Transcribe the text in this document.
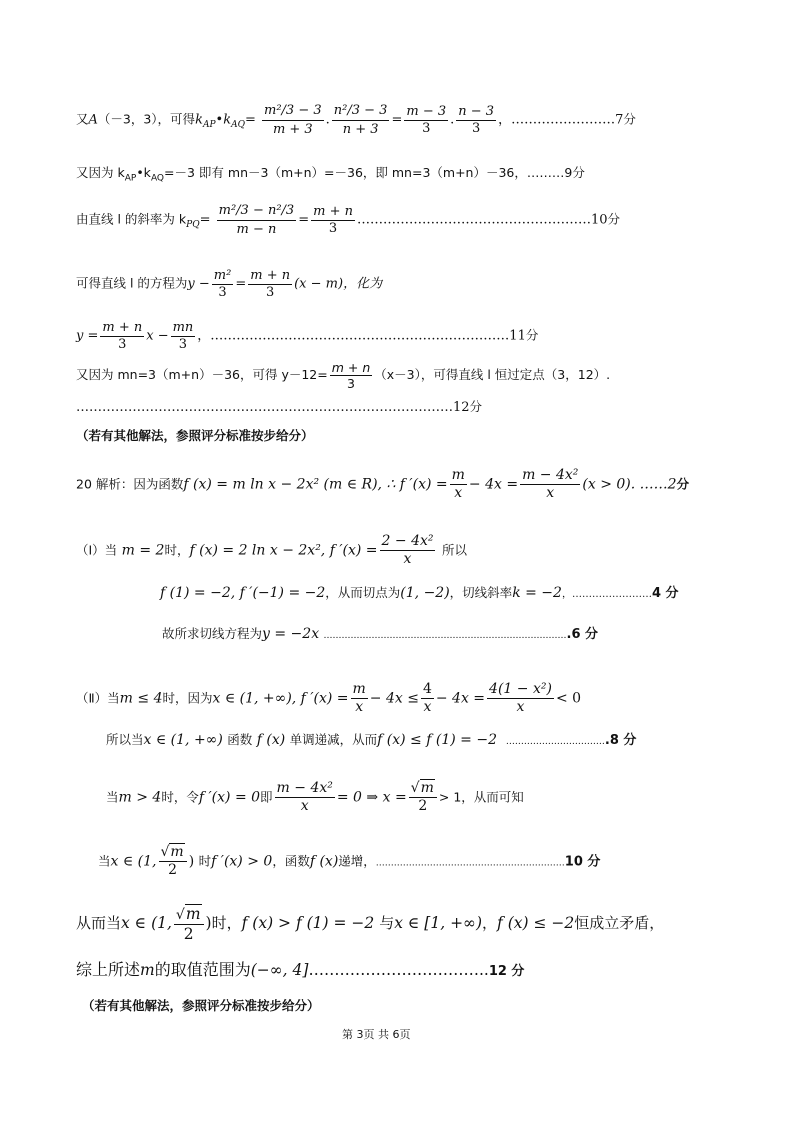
又A（－3，3），可得$k_{AP}•k_{AQ}= \frac{\text{m²/3 − 3}}{m + 3}$ . $\frac{\text{n²/3 − 3}}{n + 3} = \frac{m - 3}{3}$ . $\frac{n - 3}{3}$ ，……………………7分
又因为 $k_{AP}•k_{AQ}=-3$ 即有 mn－3（m+n）=－36，即 mn=3（m+n）－36，………9分
由直线 l 的斜率为 $k_{PQ}= \frac{\text{m²/3 − n²/3}}{m - n} = \frac{m + n}{3}$ ………………………………………………10分
可得直线 l 的方程为$y - \frac{\text{m²}}{3} = \frac{m + n}{3} (x - m)$，化为
$y = \frac{m + n}{3}$ $x - \frac{mn}{3}$ ，……………………………………………………………11分
又因为 mn=3（m+n）－36，可得 $y-12= \frac{m + n}{3} (x-3)$，可得直线 l 恒过定点（3，12）.
……………………………………………………………………………12分
（若有其他解法，参照评分标准按步给分）
20 解析：因为函数f (x) = m ln x − 2x² (m ∈ R), ∴ f $'(x) = \frac{m}{x} - 4x = \frac{\text{m − 4x²}}{x} (x > 0)$. ……2分
（Ⅰ）当 m = 2时，f (x) = 2 ln x − 2x², f $'(x) = \frac{\text{2 − 4x²}}{x}$ 所以
f (1) = −2, f ′(−1) = −2，从而切点为(1, −2)，切线斜率k = −2，……………………4 分
故所求切线方程为y = −2x ……………………………………………………………………….6 分
（Ⅱ）当m ≤ 4时，因为x ∈ (1, +∞), f $'(x) = \frac{m}{x} - 4x \le \frac{4}{x} - 4x = \frac{\text{4(1 − x²)}}{x} < 0$
所以当x ∈ (1, +∞) 函数 f (x) 单调递减，从而f (x) ≤ f (1) = −2 …………………………….8 分
当m > 4时，令f ′(x) = 0即 $\frac{\text{m − 4x²}}{x} = 0$ ⇒ $x = \frac{√m}{2} > 1$，从而可知
当x ∈ (1, $\frac{√m}{2}$ ) 时f ′(x) > 0，函数f (x)递增，………………………………………………………10 分
从而当x ∈ (1, $\frac{√m}{2}$ )时，f (x) > f (1) = −2 与x ∈ [1, +∞)，f (x) ≤ −2恒成立矛盾，
综上所述m的取值范围为(−∞, 4]……………………………..12 分
（若有其他解法，参照评分标准按步给分）
第 3页 共 6页
